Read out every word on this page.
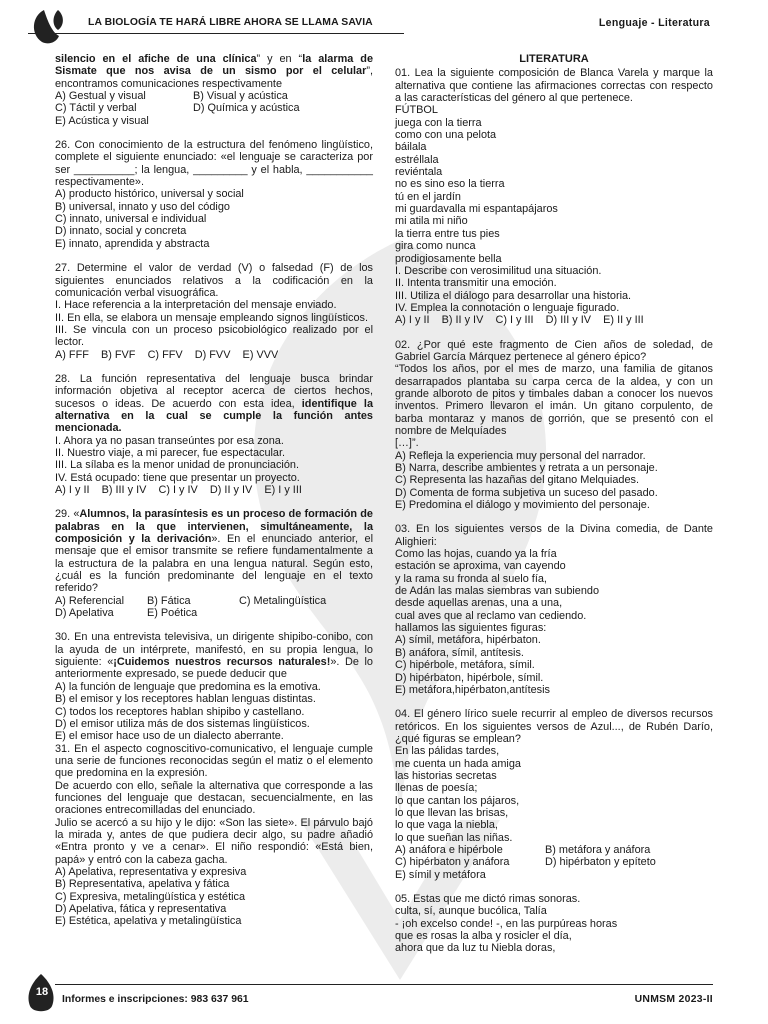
LA BIOLOGÍA TE HARÁ LIBRE AHORA SE LLAMA SAVIA	Lenguaje - Literatura

silencio en el afiche de una clínica” y en “la alarma de Sismate que nos avisa de un sismo por el celular”, encontramos comunicaciones respectivamente

A) Gestual y visual	B) Visual y acústica
C) Táctil y verbal	D) Química y acústica

E) Acústica y visual

26. Con conocimiento de la estructura del fenómeno lingüístico, complete el siguiente enunciado: «el lenguaje se caracteriza por ser __________; la lengua, _________ y el habla, ___________ respectivamente».

A) producto histórico, universal y social

B) universal, innato y uso del código

C) innato, universal e individual

D) innato, social y concreta

E) innato, aprendida y abstracta

27. Determine el valor de verdad (V) o falsedad (F) de los siguientes enunciados relativos a la codificación en la comunicación verbal visuográfica.

I. Hace referencia a la interpretación del mensaje enviado.

II. En ella, se elabora un mensaje empleando signos lingüísticos.

III. Se vincula con un proceso psicobiológico realizado por el lector.

A) FFF    B) FVF    C) FFV    D) FVV    E) VVV

28. La función representativa del lenguaje busca brindar información objetiva al receptor acerca de ciertos hechos, sucesos o ideas. De acuerdo con esta idea, identifique la alternativa en la cual se cumple la función antes mencionada.

I. Ahora ya no pasan transeúntes por esa zona.

II. Nuestro viaje, a mi parecer, fue espectacular.

III. La sílaba es la menor unidad de pronunciación.

IV. Está ocupado: tiene que presentar un proyecto.

A) I y II    B) III y IV    C) I y IV    D) II y IV    E) I y III

29. «Alumnos, la parasíntesis es un proceso de formación de palabras en la que intervienen, simultáneamente, la composición y la derivación». En el enunciado anterior, el mensaje que el emisor transmite se refiere fundamentalmente a la estructura de la palabra en una lengua natural. Según esto, ¿cuál es la función predominante del lenguaje en el texto referido?

A) Referencial	B) Fática	C) Metalingüística
D) Apelativa	E) Poética

30. En una entrevista televisiva, un dirigente shipibo-conibo, con la ayuda de un intérprete, manifestó, en su propia lengua, lo siguiente: «¡Cuidemos nuestros recursos naturales!». De lo anteriormente expresado, se puede deducir que

A) la función de lenguaje que predomina es la emotiva.

B) el emisor y los receptores hablan lenguas distintas.

C) todos los receptores hablan shipibo y castellano.

D) el emisor utiliza más de dos sistemas lingüísticos.

E) el emisor hace uso de un dialecto aberrante.

31. En el aspecto cognoscitivo-comunicativo, el lenguaje cumple una serie de funciones reconocidas según el matiz o el elemento que predomina en la expresión.

De acuerdo con ello, señale la alternativa que corresponde a las funciones del lenguaje que destacan, secuencialmente, en las oraciones entrecomilladas del enunciado.

Julio se acercó a su hijo y le dijo: «Son las siete». El párvulo bajó la mirada y, antes de que pudiera decir algo, su padre añadió «Entra pronto y ve a cenar». El niño respondió: «Está bien, papá» y entró con la cabeza gacha.

A) Apelativa, representativa y expresiva

B) Representativa, apelativa y fática

C) Expresiva, metalingüística y estética

D) Apelativa, fática y representativa

E) Estética, apelativa y metalingüística

LITERATURA

01. Lea la siguiente composición de Blanca Varela y marque la alternativa que contiene las afirmaciones correctas con respecto a las características del género al que pertenece.

FÚTBOL

juega con la tierra

como con una pelota

báilala

estréllala

reviéntala

no es sino eso la tierra

tú en el jardín

mi guardavalla mi espantapájaros

mi atila mi niño

la tierra entre tus pies

gira como nunca

prodigiosamente bella

I. Describe con verosimilitud una situación.

II. Intenta transmitir una emoción.

III. Utiliza el diálogo para desarrollar una historia.

IV. Emplea la connotación o lenguaje figurado.

A) I y II    B) II y IV    C) I y III    D) III y IV    E) II y III

02. ¿Por qué este fragmento de Cien años de soledad, de Gabriel García Márquez pertenece al género épico?

“Todos los años, por el mes de marzo, una familia de gitanos desarrapados plantaba su carpa cerca de la aldea, y con un grande alboroto de pitos y timbales daban a conocer los nuevos inventos. Primero llevaron el imán. Un gitano corpulento, de barba montaraz y manos de gorrión, que se presentó con el nombre de Melquíades

[…]”.

A) Refleja la experiencia muy personal del narrador.

B) Narra, describe ambientes y retrata a un personaje.

C) Representa las hazañas del gitano Melquiades.

D) Comenta de forma subjetiva un suceso del pasado.

E) Predomina el diálogo y movimiento del personaje.

03. En los siguientes versos de la Divina comedia, de Dante Alighieri:

Como las hojas, cuando ya la fría

estación se aproxima, van cayendo

y la rama su fronda al suelo fía,

de Adán las malas siembras van subiendo

desde aquellas arenas, una a una,

cual aves que al reclamo van cediendo.

hallamos las siguientes figuras:

A) símil, metáfora, hipérbaton.

B) anáfora, símil, antítesis.

C) hipérbole, metáfora, símil.

D) hipérbaton, hipérbole, símil.

E) metáfora,hipérbaton,antítesis

04. El género lírico suele recurrir al empleo de diversos recursos retóricos. En los siguientes versos de Azul..., de Rubén Darío, ¿qué figuras se emplean?

En las pálidas tardes,

me cuenta un hada amiga

las historias secretas

llenas de poesía;

lo que cantan los pájaros,

lo que llevan las brisas,

lo que vaga la niebla,

lo que sueñan las niñas.

A) anáfora e hipérbole	B) metáfora y anáfora
C) hipérbaton y anáfora	D) hipérbaton y epíteto

E) símil y metáfora

05. Estas que me dictó rimas sonoras.

culta, sí, aunque bucólica, Talía

- ¡oh excelso conde! -, en las purpúreas horas

que es rosas la alba y rosicler el día,

ahora que da luz tu Niebla doras,

18
Informes e inscripciones: 983 637 961	UNMSM 2023-II
